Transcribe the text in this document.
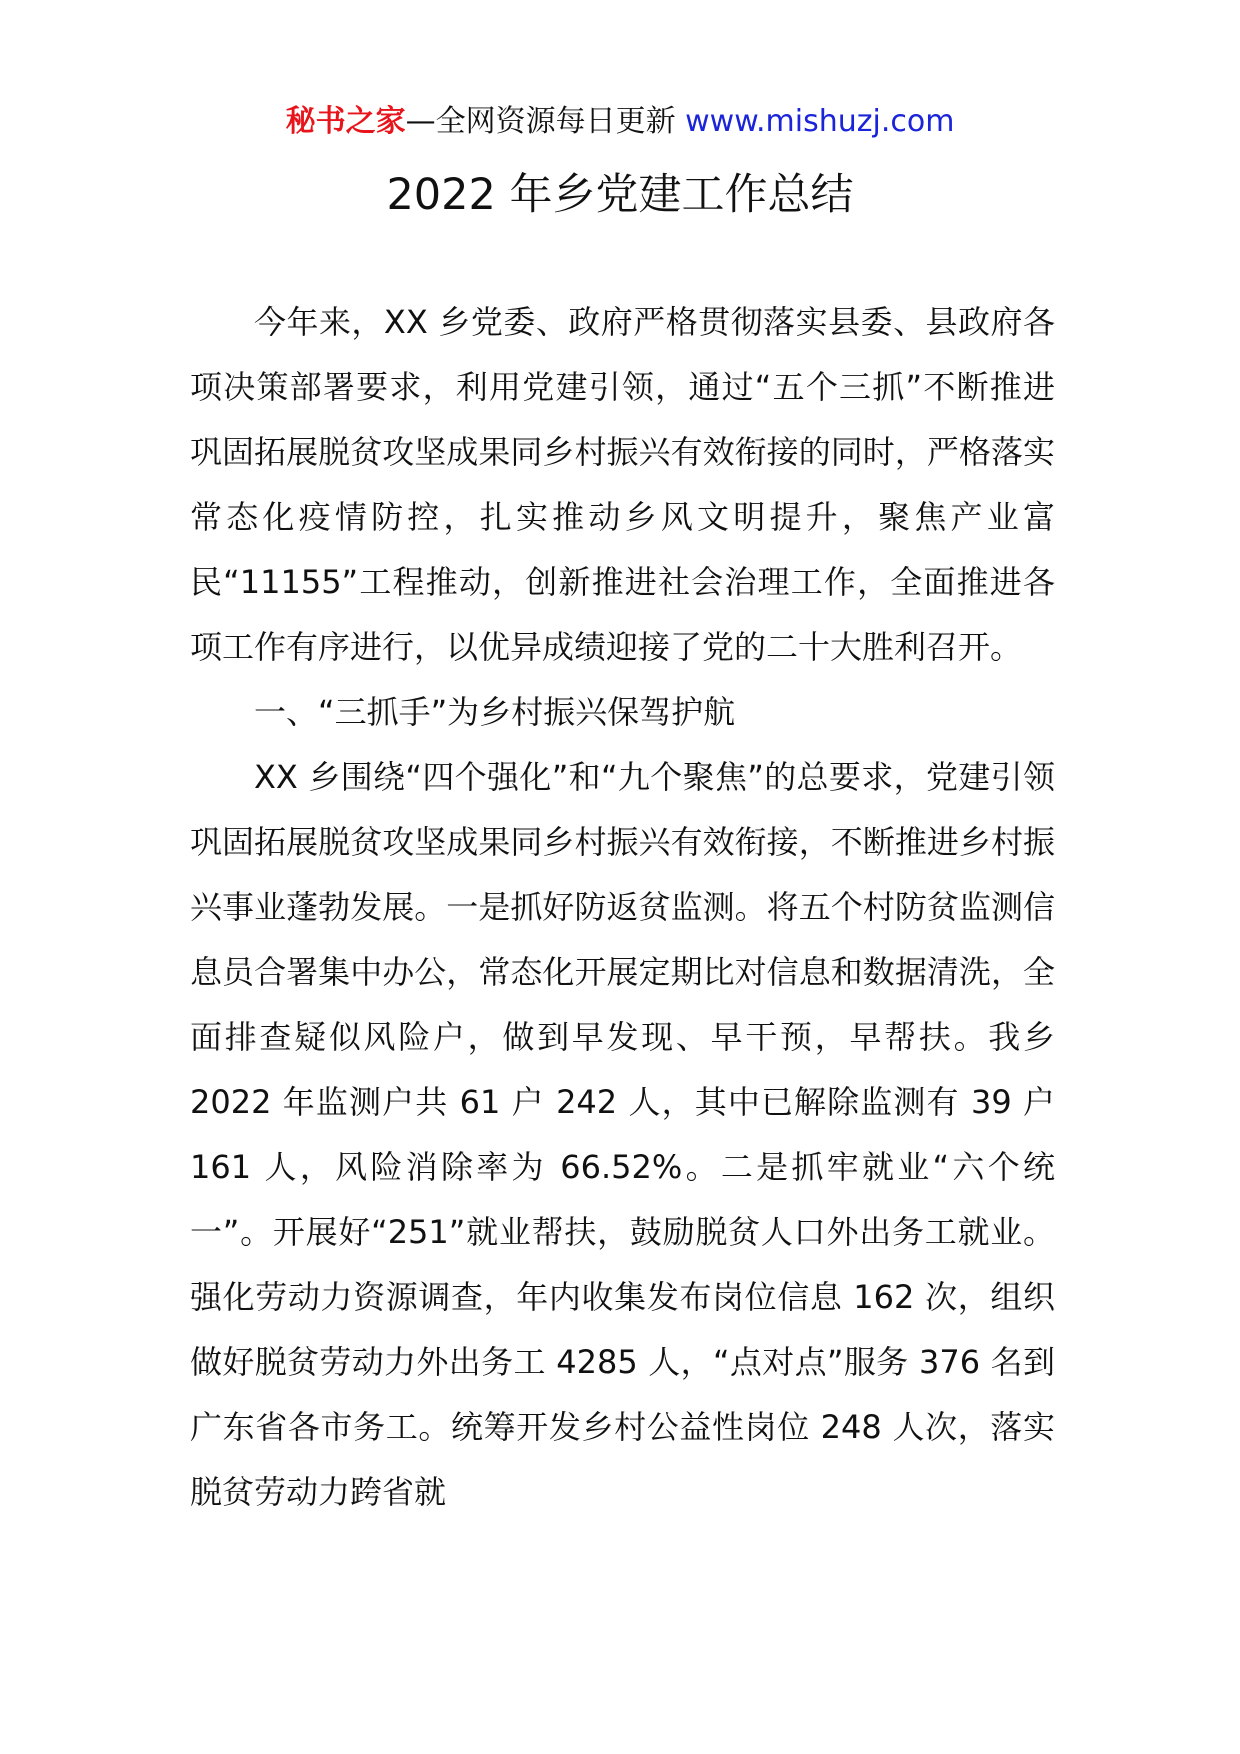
秘书之家—全网资源每日更新 www.mishuzj.com
2022 年乡党建工作总结

今年来，XX 乡党委、政府严格贯彻落实县委、县政府各项决策部署要求，利用党建引领，通过“五个三抓”不断推进巩固拓展脱贫攻坚成果同乡村振兴有效衔接的同时，严格落实常态化疫情防控，扎实推动乡风文明提升，聚焦产业富民“11155”工程推动，创新推进社会治理工作，全面推进各项工作有序进行，以优异成绩迎接了党的二十大胜利召开。

一、“三抓手”为乡村振兴保驾护航

XX 乡围绕“四个强化”和“九个聚焦”的总要求，党建引领巩固拓展脱贫攻坚成果同乡村振兴有效衔接，不断推进乡村振兴事业蓬勃发展。一是抓好防返贫监测。将五个村防贫监测信息员合署集中办公，常态化开展定期比对信息和数据清洗，全面排查疑似风险户，做到早发现、早干预，早帮扶。我乡 2022 年监测户共 61 户 242 人，其中已解除监测有 39 户 161 人，风险消除率为 66.52%。二是抓牢就业“六个统一”。开展好“251”就业帮扶，鼓励脱贫人口外出务工就业。强化劳动力资源调查，年内收集发布岗位信息 162 次，组织做好脱贫劳动力外出务工 4285 人，“点对点”服务 376 名到广东省各市务工。统筹开发乡村公益性岗位 248 人次，落实脱贫劳动力跨省就
